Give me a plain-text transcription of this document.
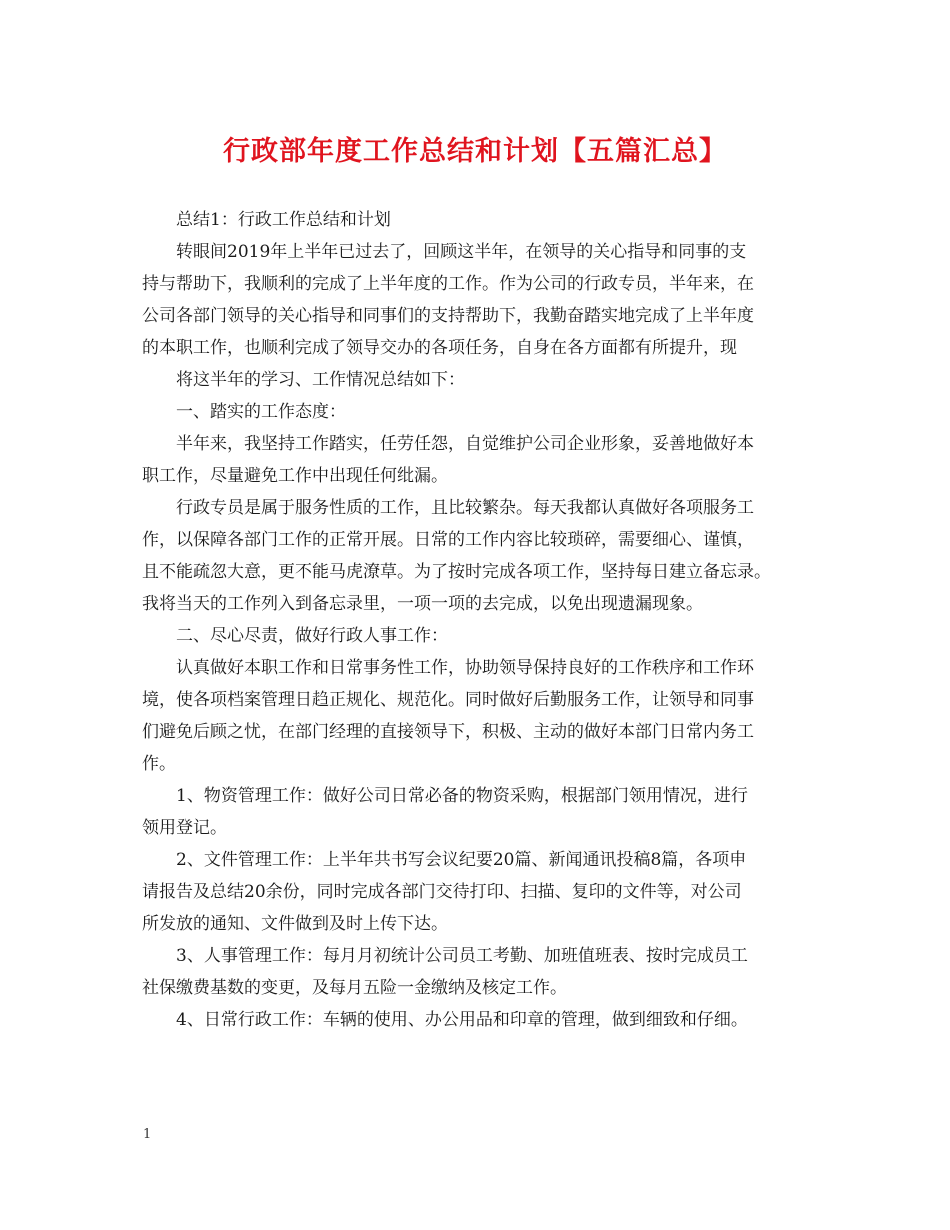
行政部年度工作总结和计划【五篇汇总】

总结1：行政工作总结和计划

转眼间2019年上半年已过去了，回顾这半年，在领导的关心指导和同事的支

持与帮助下，我顺利的完成了上半年度的工作。作为公司的行政专员，半年来，在

公司各部门领导的关心指导和同事们的支持帮助下，我勤奋踏实地完成了上半年度

的本职工作，也顺利完成了领导交办的各项任务，自身在各方面都有所提升，现

将这半年的学习、工作情况总结如下：

一、踏实的工作态度：

半年来，我坚持工作踏实，任劳任怨，自觉维护公司企业形象，妥善地做好本

职工作，尽量避免工作中出现任何纰漏。

行政专员是属于服务性质的工作，且比较繁杂。每天我都认真做好各项服务工

作，以保障各部门工作的正常开展。日常的工作内容比较琐碎，需要细心、谨慎，

且不能疏忽大意，更不能马虎潦草。为了按时完成各项工作，坚持每日建立备忘录。

我将当天的工作列入到备忘录里，一项一项的去完成，以免出现遗漏现象。

二、尽心尽责，做好行政人事工作：

认真做好本职工作和日常事务性工作，协助领导保持良好的工作秩序和工作环

境，使各项档案管理日趋正规化、规范化。同时做好后勤服务工作，让领导和同事

们避免后顾之忧，在部门经理的直接领导下，积极、主动的做好本部门日常内务工

作。

1、物资管理工作：做好公司日常必备的物资采购，根据部门领用情况，进行

领用登记。

2、文件管理工作：上半年共书写会议纪要20篇、新闻通讯投稿8篇，各项申

请报告及总结20余份，同时完成各部门交待打印、扫描、复印的文件等，对公司

所发放的通知、文件做到及时上传下达。

3、人事管理工作：每月月初统计公司员工考勤、加班值班表、按时完成员工

社保缴费基数的变更，及每月五险一金缴纳及核定工作。

4、日常行政工作：车辆的使用、办公用品和印章的管理，做到细致和仔细。

1
